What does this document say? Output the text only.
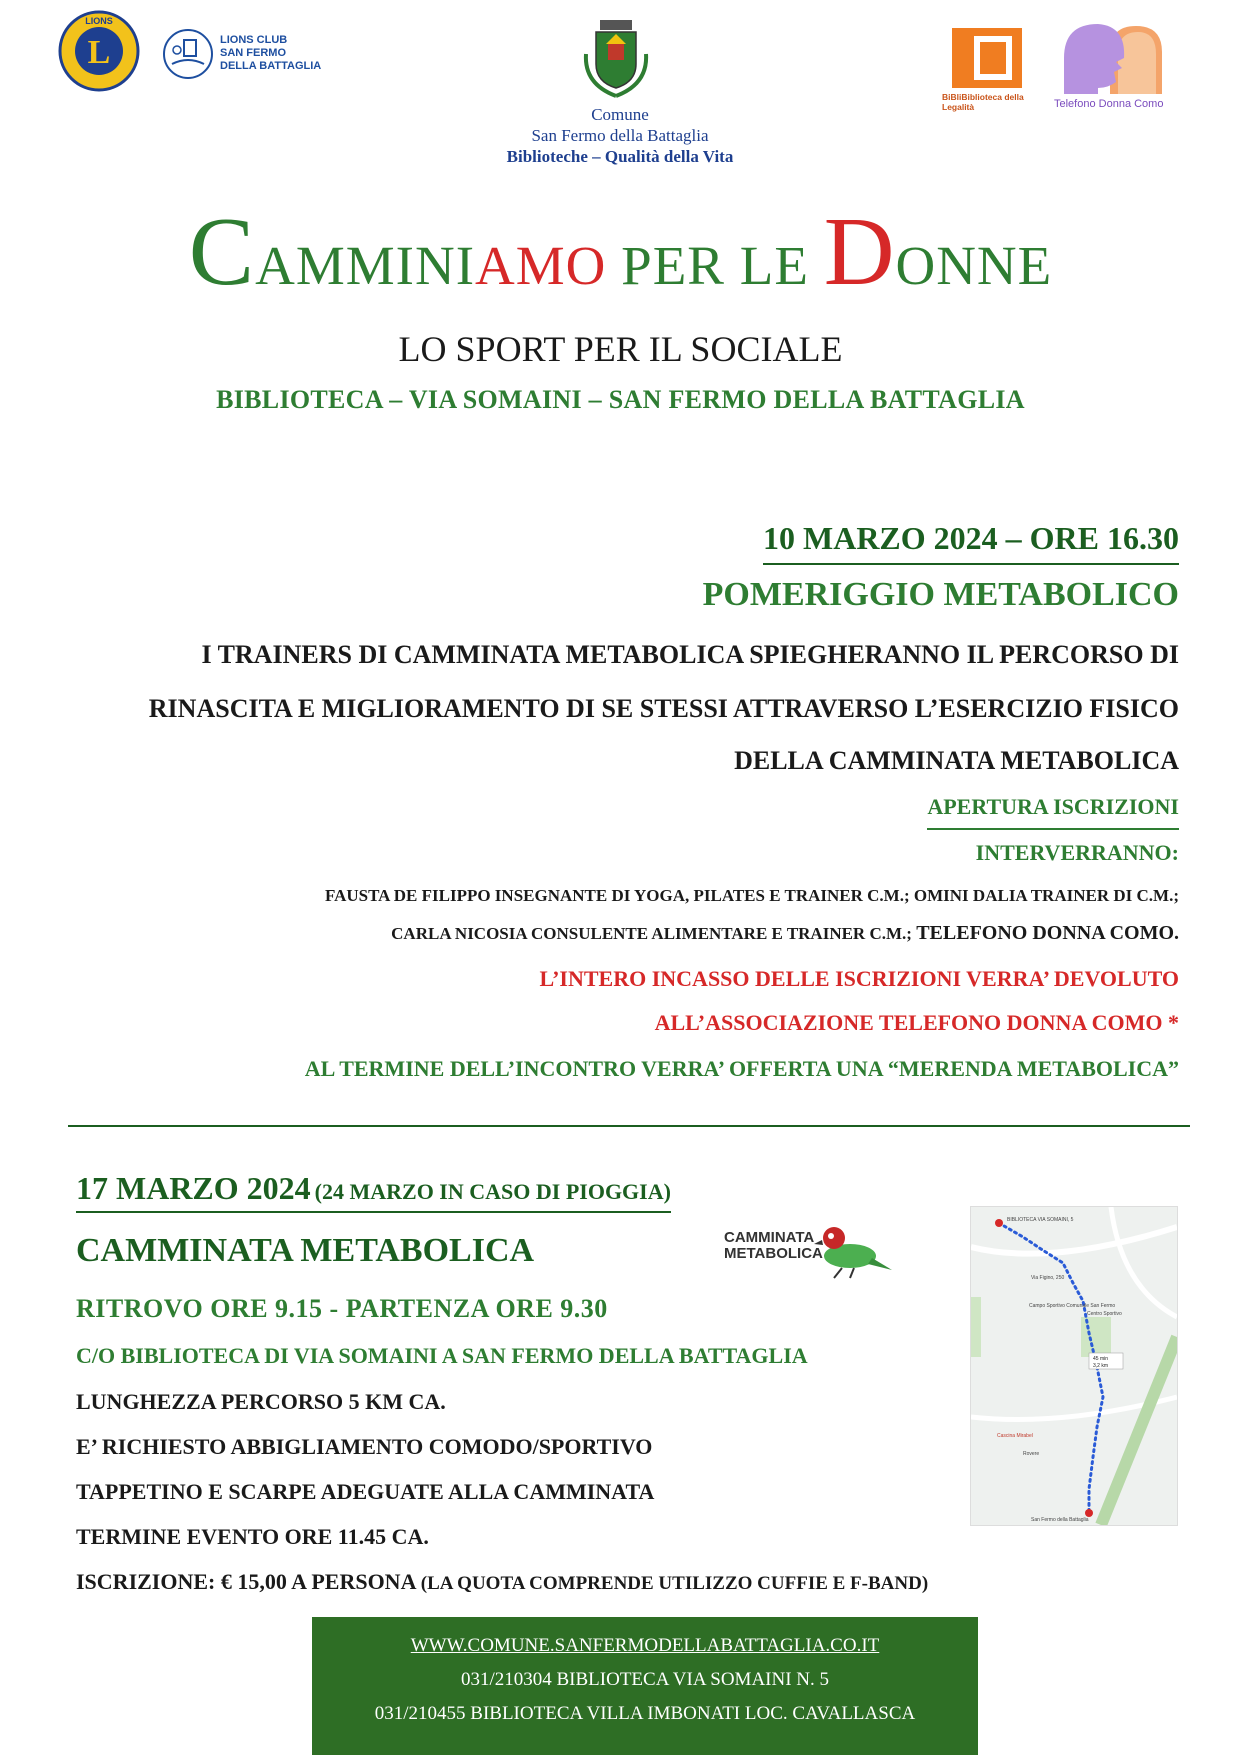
L
LIONS
LIONS CLUB
SAN FERMO
DELLA BATTAGLIA
Comune
San Fermo della Battaglia
Biblioteche – Qualità della Vita
BiBliBiblioteca della Legalità	Telefono Donna Como
CAMMINIAMO PER LE DONNE
LO SPORT PER IL SOCIALE
BIBLIOTECA – VIA SOMAINI – SAN FERMO DELLA BATTAGLIA
10 MARZO 2024 – ORE 16.30
POMERIGGIO METABOLICO
I TRAINERS DI CAMMINATA METABOLICA SPIEGHERANNO IL PERCORSO DI
RINASCITA E MIGLIORAMENTO DI SE STESSI ATTRAVERSO L’ESERCIZIO FISICO
DELLA CAMMINATA METABOLICA
APERTURA ISCRIZIONI
INTERVERRANNO:
FAUSTA DE FILIPPO INSEGNANTE DI YOGA, PILATES E TRAINER C.M.; OMINI DALIA TRAINER DI C.M.;
CARLA NICOSIA CONSULENTE ALIMENTARE E TRAINER C.M.; TELEFONO DONNA COMO.
L’INTERO INCASSO DELLE ISCRIZIONI VERRA’ DEVOLUTO
ALL’ASSOCIAZIONE TELEFONO DONNA COMO *
AL TERMINE DELL’INCONTRO VERRA’ OFFERTA UNA “MERENDA METABOLICA”
17 MARZO 2024 (24 MARZO IN CASO DI PIOGGIA)
CAMMINATA METABOLICA	CAMMINATA
METABOLICA
RITROVO ORE 9.15 - PARTENZA ORE 9.30
C/O BIBLIOTECA DI VIA SOMAINI A SAN FERMO DELLA BATTAGLIA
LUNGHEZZA PERCORSO 5 KM CA.
E’ RICHIESTO ABBIGLIAMENTO COMODO/SPORTIVO
TAPPETINO E SCARPE ADEGUATE ALLA CAMMINATA
TERMINE EVENTO ORE 11.45 CA.
ISCRIZIONE: € 15,00 A PERSONA (LA QUOTA COMPRENDE UTILIZZO CUFFIE E F-BAND)
BIBLIOTECA VIA SOMAINI, 5
Via Figino, 250
Campo Sportivo Comunale San Fermo
Centro Sportivo
45 min
3,2 km
Cascina Mirabel
Rovere
San Fermo della Battaglia
WWW.COMUNE.SANFERMODELLABATTAGLIA.CO.IT
031/210304 BIBLIOTECA VIA SOMAINI N. 5
031/210455 BIBLIOTECA VILLA IMBONATI LOC. CAVALLASCA
